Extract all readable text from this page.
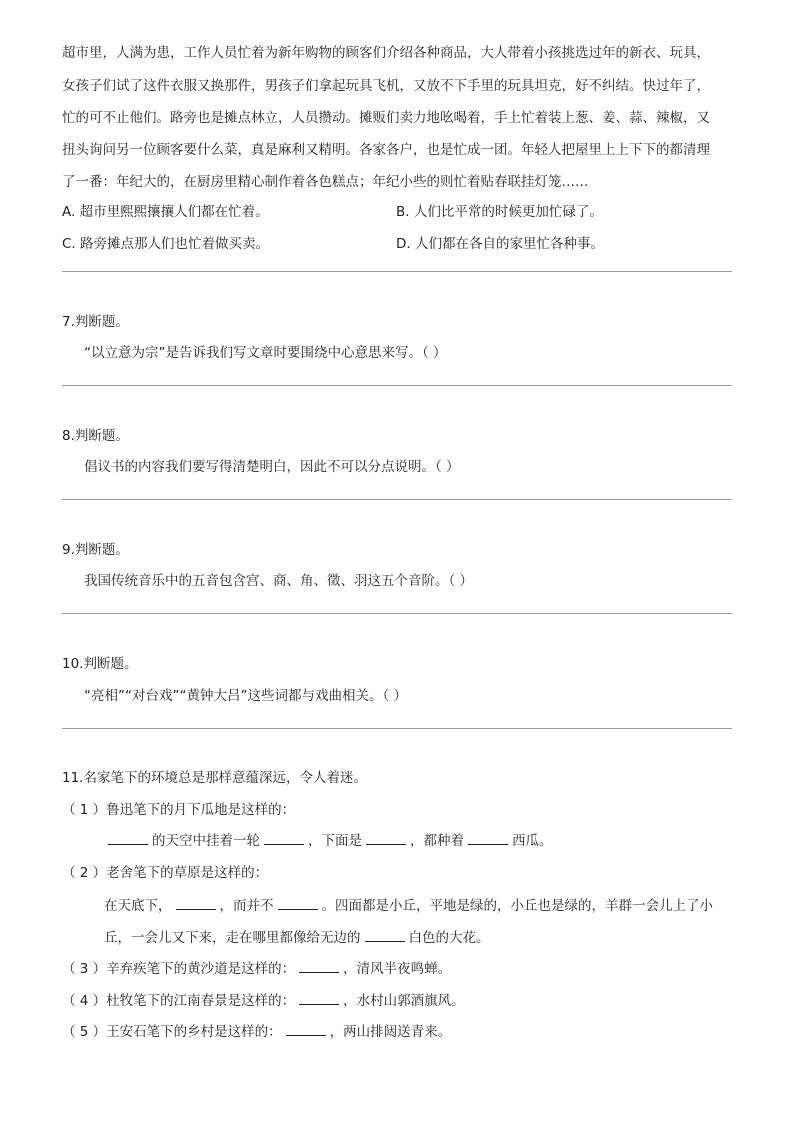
超市里，人满为患，工作人员忙着为新年购物的顾客们介绍各种商品，大人带着小孩挑选过年的新衣、玩具，
女孩子们试了这件衣服又换那件，男孩子们拿起玩具飞机，又放不下手里的玩具坦克，好不纠结。快过年了，
忙的可不止他们。路旁也是摊点林立，人员攒动。摊贩们卖力地吆喝着，手上忙着装上葱、姜、蒜、辣椒，又
扭头询问另一位顾客要什么菜，真是麻利又精明。各家各户，也是忙成一团。年轻人把屋里上上下下的都清理
了一番：年纪大的，在厨房里精心制作着各色糕点；年纪小些的则忙着贴春联挂灯笼……
A. 超市里熙熙攘攘人们都在忙着。	B. 人们比平常的时候更加忙碌了。
C. 路旁摊点那人们也忙着做买卖。	D. 人们都在各自的家里忙各种事。
7.判断题。
“以立意为宗”是告诉我们写文章时要围绕中心意思来写。（ ）
8.判断题。
倡议书的内容我们要写得清楚明白，因此不可以分点说明。（ ）
9.判断题。
我国传统音乐中的五音包含宫、商、角、徵、羽这五个音阶。（ ）
10.判断题。
“亮相”“对台戏”“黄钟大吕”这些词都与戏曲相关。（ ）
11.名家笔下的环境总是那样意蕴深远，令人着迷。
（ 1 ）鲁迅笔下的月下瓜地是这样的：
的天空中挂着一轮	，下面是	，都种着	西瓜。
（ 2 ）老舍笔下的草原是这样的：
在天底下，	，而并不	。四面都是小丘，平地是绿的，小丘也是绿的，羊群一会儿上了小
丘，一会儿又下来，走在哪里都像给无边的	白色的大花。
（ 3 ）辛弃疾笔下的黄沙道是这样的：	，清风半夜鸣蝉。
（ 4 ）杜牧笔下的江南春景是这样的：	，水村山郭酒旗风。
（ 5 ）王安石笔下的乡村是这样的：	，两山排闼送青来。
